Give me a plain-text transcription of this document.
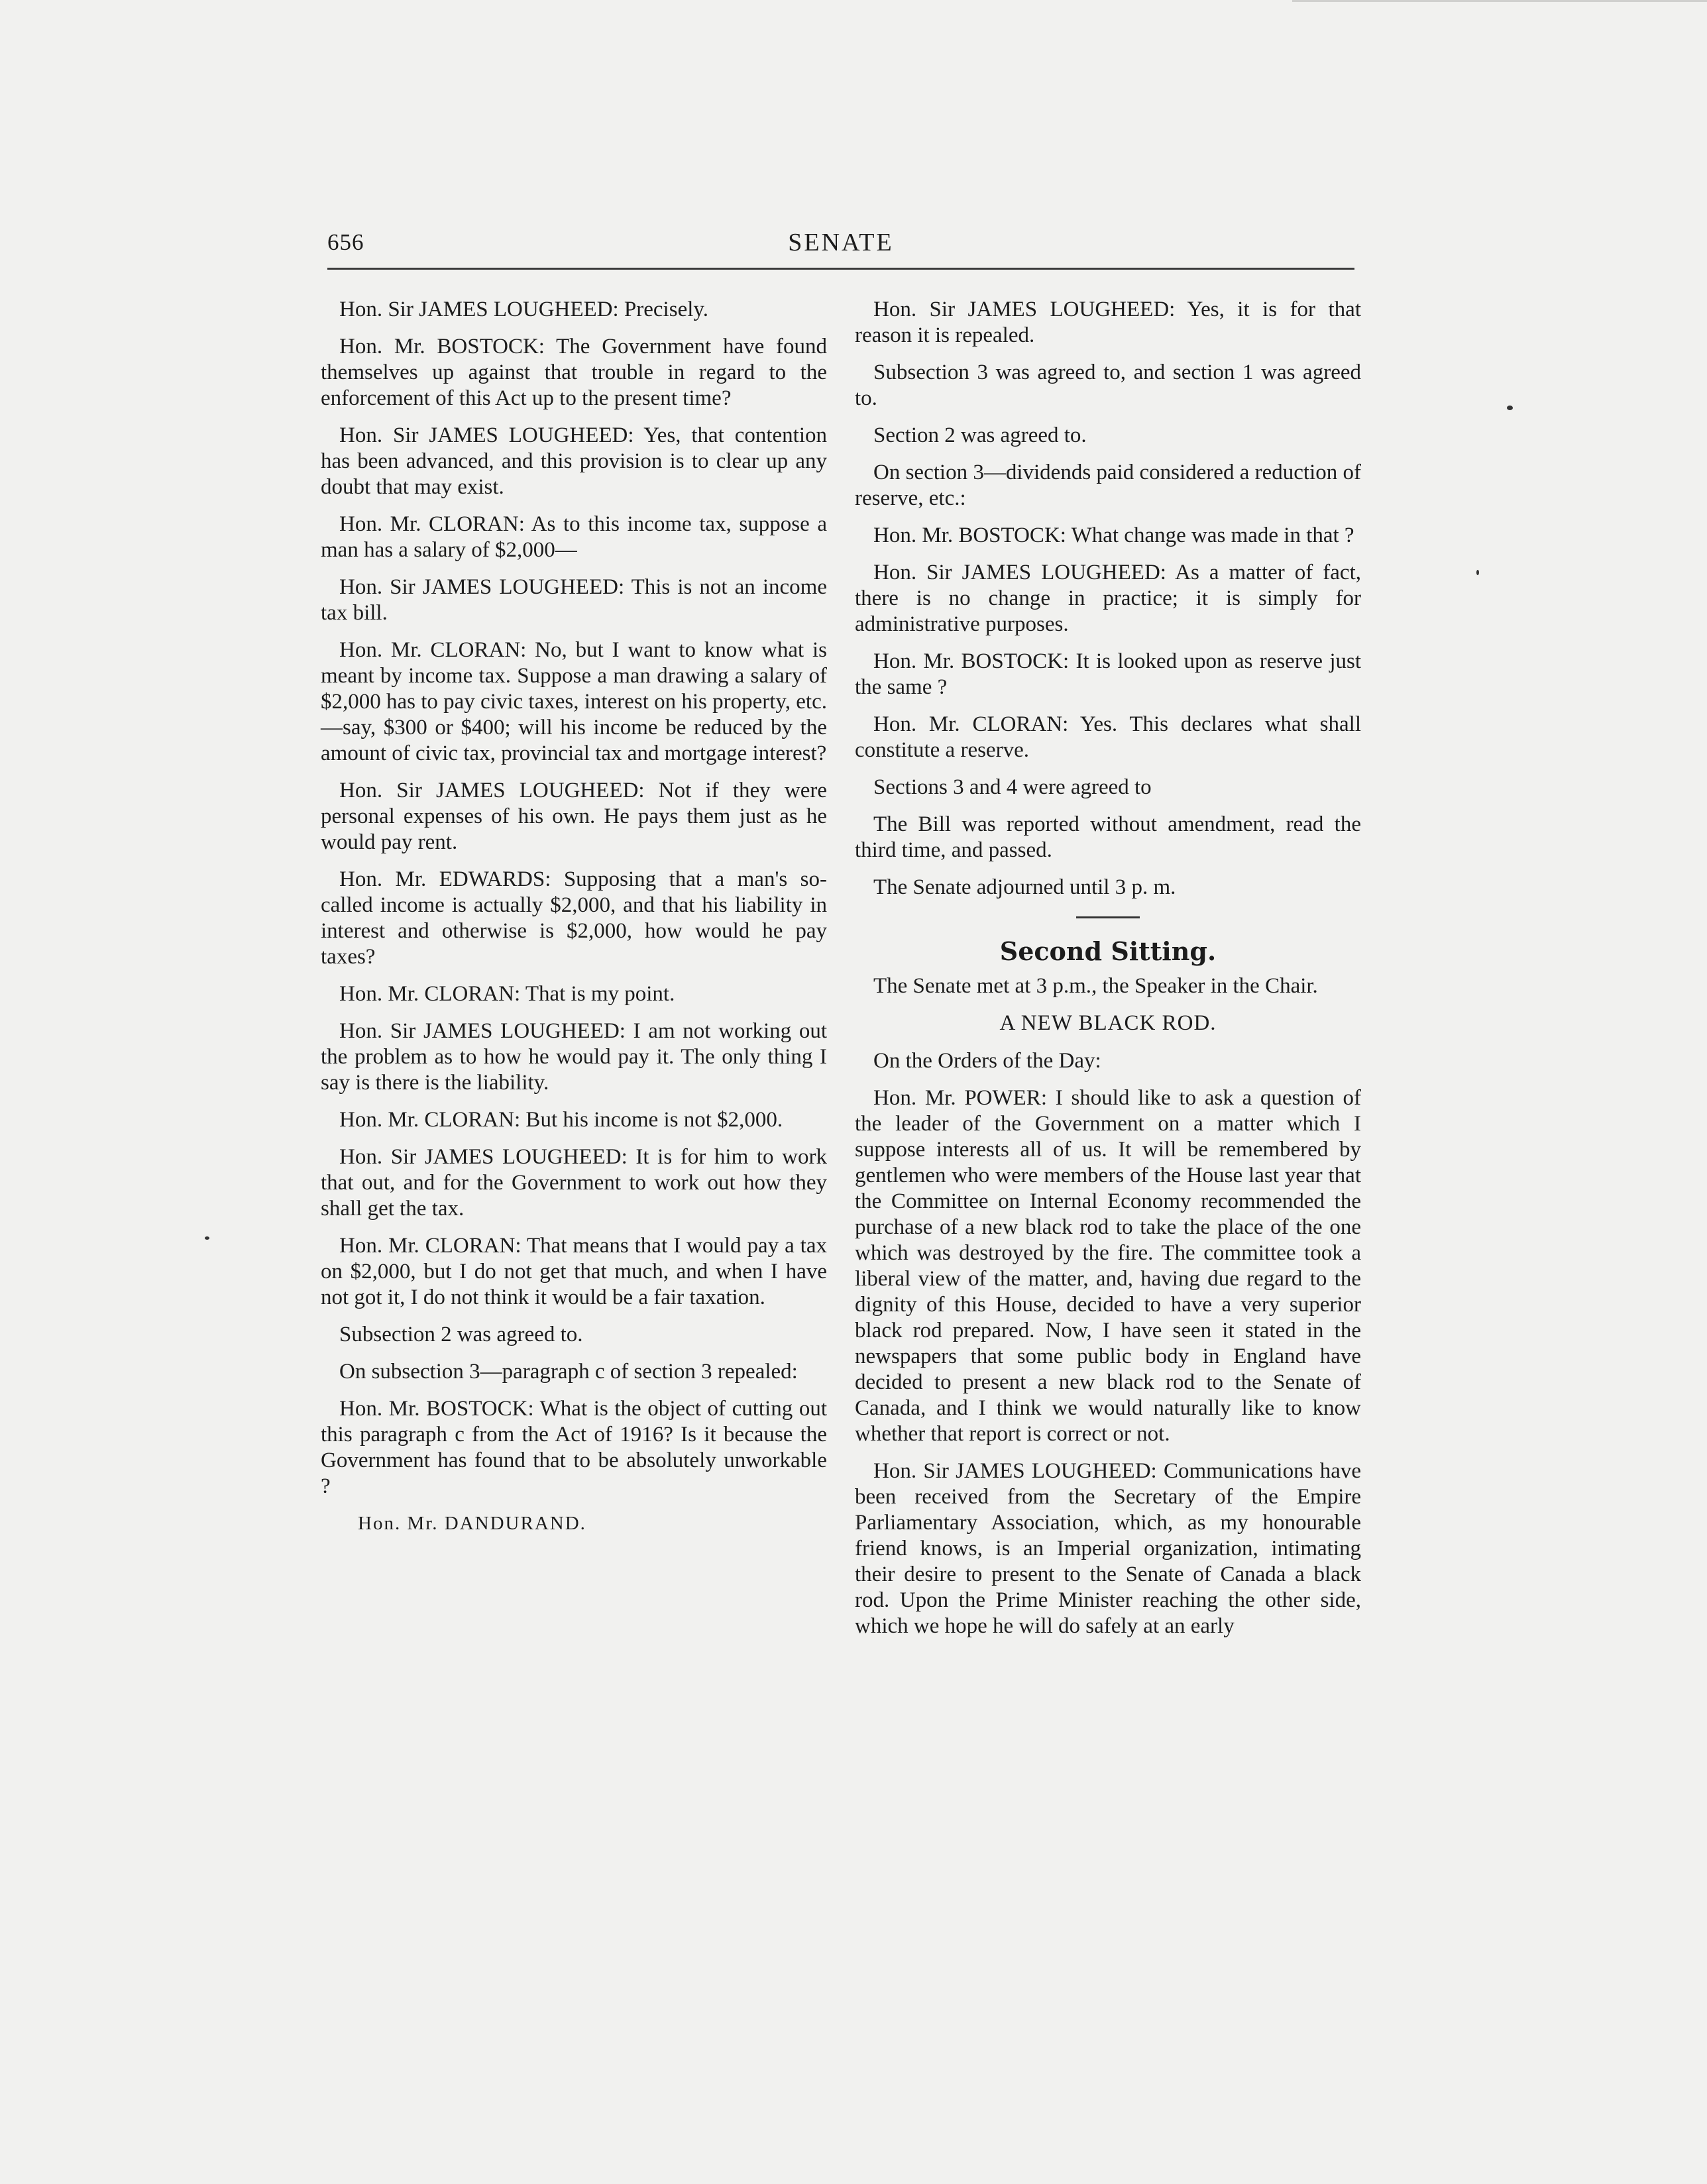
656	SENATE

Hon. Sir JAMES LOUGHEED: Precisely.

Hon. Mr. BOSTOCK: The Government have found themselves up against that trouble in regard to the enforcement of this Act up to the present time?

Hon. Sir JAMES LOUGHEED: Yes, that contention has been advanced, and this provision is to clear up any doubt that may exist.

Hon. Mr. CLORAN: As to this income tax, suppose a man has a salary of $2,000—

Hon. Sir JAMES LOUGHEED: This is not an income tax bill.

Hon. Mr. CLORAN: No, but I want to know what is meant by income tax. Suppose a man drawing a salary of $2,000 has to pay civic taxes, interest on his property, etc.—say, $300 or $400; will his income be reduced by the amount of civic tax, provincial tax and mortgage interest?

Hon. Sir JAMES LOUGHEED: Not if they were personal expenses of his own. He pays them just as he would pay rent.

Hon. Mr. EDWARDS: Supposing that a man's so-called income is actually $2,000, and that his liability in interest and otherwise is $2,000, how would he pay taxes?

Hon. Mr. CLORAN: That is my point.

Hon. Sir JAMES LOUGHEED: I am not working out the problem as to how he would pay it. The only thing I say is there is the liability.

Hon. Mr. CLORAN: But his income is not $2,000.

Hon. Sir JAMES LOUGHEED: It is for him to work that out, and for the Government to work out how they shall get the tax.

Hon. Mr. CLORAN: That means that I would pay a tax on $2,000, but I do not get that much, and when I have not got it, I do not think it would be a fair taxation.

Subsection 2 was agreed to.

On subsection 3—paragraph c of section 3 repealed:

Hon. Mr. BOSTOCK: What is the object of cutting out this paragraph c from the Act of 1916? Is it because the Government has found that to be absolutely unworkable ?

Hon. Mr. DANDURAND.

Hon. Sir JAMES LOUGHEED: Yes, it is for that reason it is repealed.

Subsection 3 was agreed to, and section 1 was agreed to.

Section 2 was agreed to.

On section 3—dividends paid considered a reduction of reserve, etc.:

Hon. Mr. BOSTOCK: What change was made in that ?

Hon. Sir JAMES LOUGHEED: As a matter of fact, there is no change in practice; it is simply for administrative purposes.

Hon. Mr. BOSTOCK: It is looked upon as reserve just the same ?

Hon. Mr. CLORAN: Yes. This declares what shall constitute a reserve.

Sections 3 and 4 were agreed to

The Bill was reported without amendment, read the third time, and passed.

The Senate adjourned until 3 p. m.

Second Sitting.

The Senate met at 3 p.m., the Speaker in the Chair.

A NEW BLACK ROD.

On the Orders of the Day:

Hon. Mr. POWER: I should like to ask a question of the leader of the Government on a matter which I suppose interests all of us. It will be remembered by gentlemen who were members of the House last year that the Committee on Internal Economy recommended the purchase of a new black rod to take the place of the one which was destroyed by the fire. The committee took a liberal view of the matter, and, having due regard to the dignity of this House, decided to have a very superior black rod prepared. Now, I have seen it stated in the newspapers that some public body in England have decided to present a new black rod to the Senate of Canada, and I think we would naturally like to know whether that report is correct or not.

Hon. Sir JAMES LOUGHEED: Communications have been received from the Secretary of the Empire Parliamentary Association, which, as my honourable friend knows, is an Imperial organization, intimating their desire to present to the Senate of Canada a black rod. Upon the Prime Minister reaching the other side, which we hope he will do safely at an early
